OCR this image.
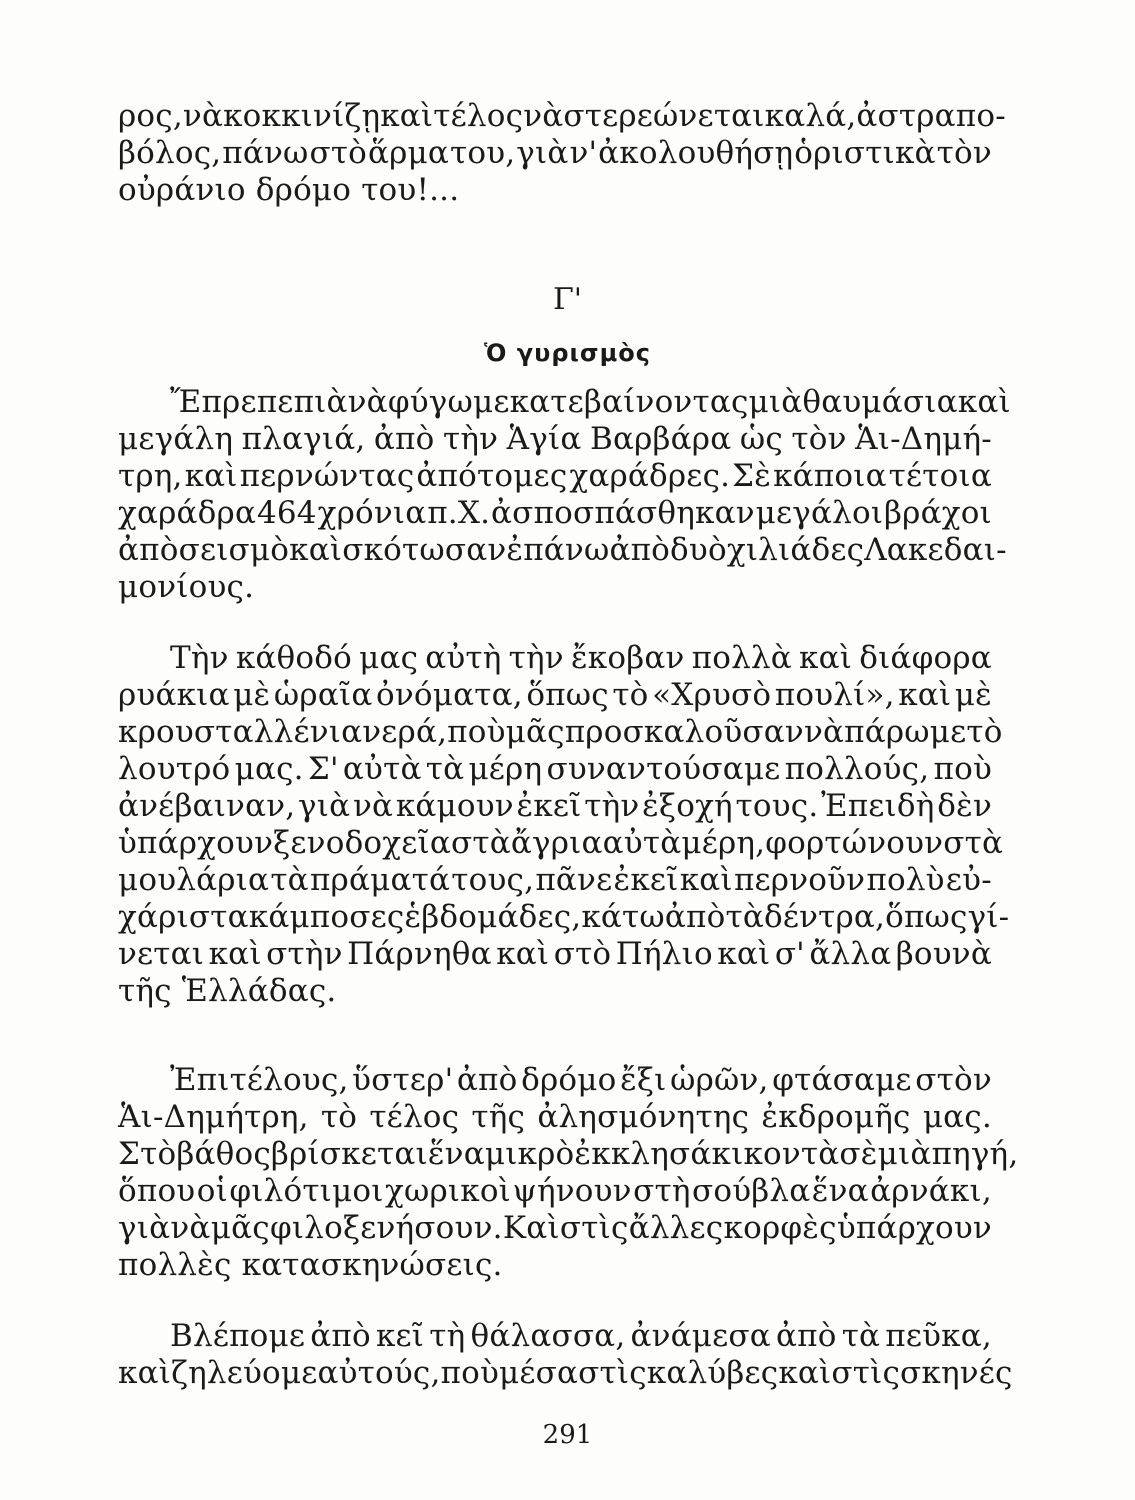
ρος, νὰ κοκκινίζῃ καὶ τέλος νὰ στερεώνεται καλά, ἀστραπο-
βόλος, πάνω στὸ ἅρμα του, γιὰ ν' ἀκολουθήσῃ ὁριστικὰ τὸν
οὐράνιο δρόμο του!...
Γ'
Ὁ γυρισμὸς
Ἔπρεπε πιὰ νὰ φύγωμε κατεβαίνοντας μιὰ θαυμάσια καὶ
μεγάλη πλαγιά, ἀπὸ τὴν Ἁγία Βαρβάρα ὡς τὸν Ἁι-Δημή-
τρη, καὶ περνώντας ἀπότομες χαράδρες. Σὲ κάποια τέτοια
χαράδρα 464 χρόνια π.Χ. ἀσποσπάσθηκαν μεγάλοι βράχοι
ἀπὸ σεισμὸ καὶ σκότωσαν ἐπάνω ἀπὸ δυὸ χιλιάδες Λακεδαι-
μονίους.
Τὴν κάθοδό μας αὐτὴ τὴν ἔκοβαν πολλὰ καὶ διάφορα
ρυάκια μὲ ὡραῖα ὀνόματα, ὅπως τὸ «Χρυσὸ πουλί», καὶ μὲ
κρουσταλλένια νερά, ποὺ μᾶς προσκαλοῦσαν νὰ πάρωμε τὸ
λουτρό μας. Σ' αὐτὰ τὰ μέρη συναντούσαμε πολλούς, ποὺ
ἀνέβαιναν, γιὰ νὰ κάμουν ἐκεῖ τὴν ἐξοχή τους. Ἐπειδὴ δὲν
ὑπάρχουν ξενοδοχεῖα στὰ ἄγρια αὐτὰ μέρη, φορτώνουν στὰ
μουλάρια τὰ πράματά τους, πᾶνε ἐκεῖ καὶ περνοῦν πολὺ εὐ-
χάριστα κάμποσες ἑβδομάδες, κάτω ἀπὸ τὰ δέντρα, ὅπως γί-
νεται καὶ στὴν Πάρνηθα καὶ στὸ Πήλιο καὶ σ' ἄλλα βουνὰ
τῆς Ἑλλάδας.
Ἐπιτέλους, ὕστερ' ἀπὸ δρόμο ἔξι ὡρῶν, φτάσαμε στὸν
Ἁι-Δημήτρη, τὸ τέλος τῆς ἀλησμόνητης ἐκδρομῆς μας.
Στὸ βάθος βρίσκεται ἕνα μικρὸ ἐκκλησάκι κοντὰ σὲ μιὰ πηγή,
ὅπου οἱ φιλότιμοι χωρικοὶ ψήνουν στὴ σούβλα ἕνα ἀρνάκι,
γιὰ νὰ μᾶς φιλοξενήσουν. Καὶ στὶς ἄλλες κορφὲς ὑπάρχουν
πολλὲς κατασκηνώσεις.
Βλέπομε ἀπὸ κεῖ τὴ θάλασσα, ἀνάμεσα ἀπὸ τὰ πεῦκα,
καὶ ζηλεύομε αὐτούς, ποὺ μέσα στὶς καλύβες καὶ στὶς σκηνές
291
